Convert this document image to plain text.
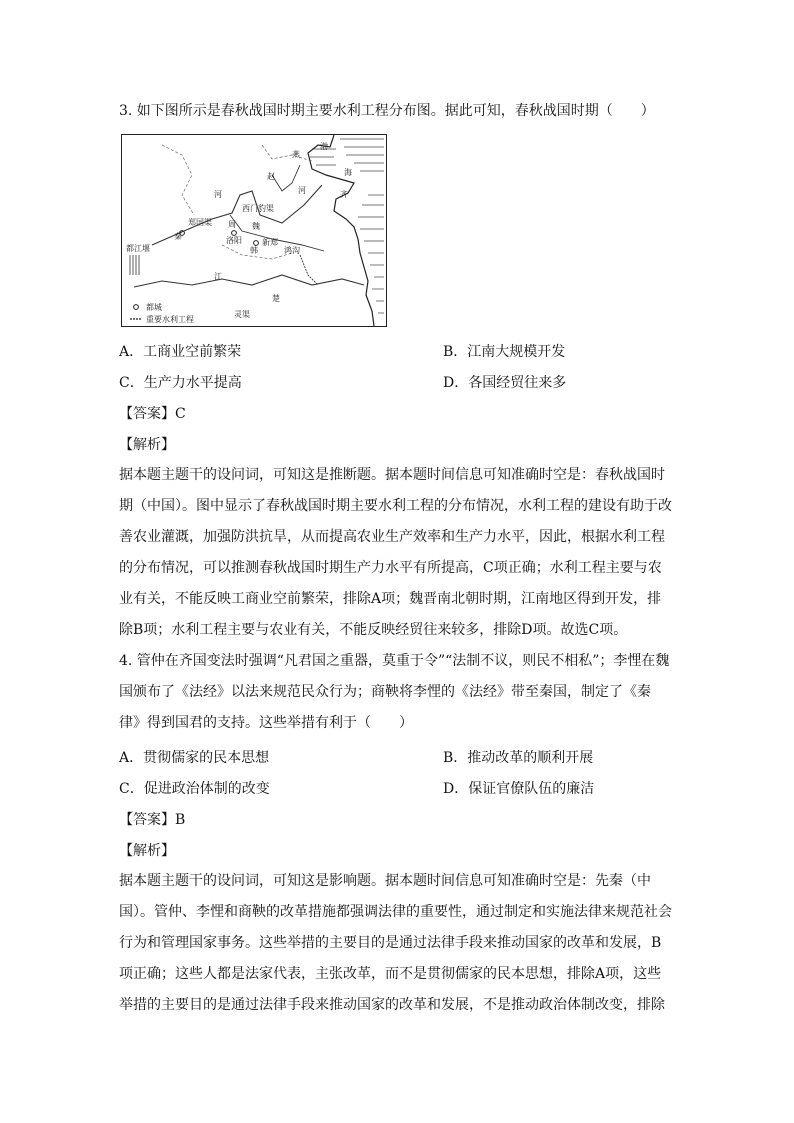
3. 如下图所示是春秋战国时期主要水利工程分布图。据此可知，春秋战国时期（　　）
燕
赵
齐
秦
周 魏
韩
楚
渤
海
河	河
西门豹渠
郑国渠
洛阳	新郑
鸿沟
江
都江堰
灵渠
都城
重要水利工程
A．工商业空前繁荣	B．江南大规模开发
C．生产力水平提高	D．各国经贸往来多
【答案】C
【解析】
据本题主题干的设问词，可知这是推断题。据本题时间信息可知准确时空是：春秋战国时
期（中国）。图中显示了春秋战国时期主要水利工程的分布情况，水利工程的建设有助于改
善农业灌溉，加强防洪抗旱，从而提高农业生产效率和生产力水平，因此，根据水利工程
的分布情况，可以推测春秋战国时期生产力水平有所提高，C项正确；水利工程主要与农
业有关，不能反映工商业空前繁荣，排除A项；魏晋南北朝时期，江南地区得到开发，排
除B项；水利工程主要与农业有关，不能反映经贸往来较多，排除D项。故选C项。
4. 管仲在齐国变法时强调“凡君国之重器，莫重于令”“法制不议，则民不相私”；李悝在魏
国颁布了《法经》以法来规范民众行为；商鞅将李悝的《法经》带至秦国，制定了《秦
律》得到国君的支持。这些举措有利于（　　）
A．贯彻儒家的民本思想	B．推动改革的顺利开展
C．促进政治体制的改变	D．保证官僚队伍的廉洁
【答案】B
【解析】
据本题主题干的设问词，可知这是影响题。据本题时间信息可知准确时空是：先秦（中
国）。管仲、李悝和商鞅的改革措施都强调法律的重要性，通过制定和实施法律来规范社会
行为和管理国家事务。这些举措的主要目的是通过法律手段来推动国家的改革和发展，B
项正确；这些人都是法家代表，主张改革，而不是贯彻儒家的民本思想，排除A项，这些
举措的主要目的是通过法律手段来推动国家的改革和发展，不是推动政治体制改变，排除
